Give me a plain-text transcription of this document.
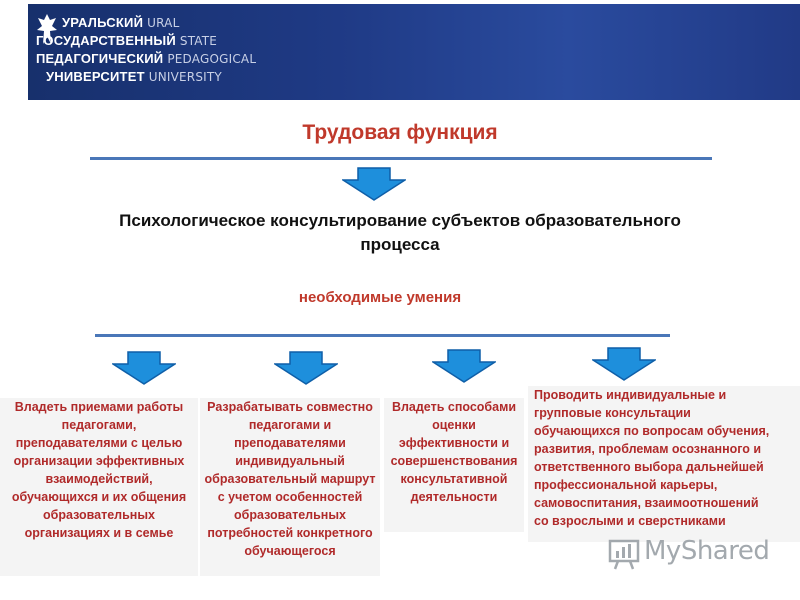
УРАЛЬСКИЙ URAL
ГОСУДАРСТВЕННЫЙ STATE
ПЕДАГОГИЧЕСКИЙ PEDAGOGICAL
УНИВЕРСИТЕТ UNIVERSITY
Трудовая функция
Психологическое консультирование субъектов образовательного
процесса
необходимые умения
Владеть приемами работы
педагогами,
преподавателями с целью
организации эффективных
взаимодействий,
обучающихся и их общения
образовательных
организациях и в семье
Разрабатывать совместно
педагогами и
преподавателями
индивидуальный
образовательный маршрут
с учетом особенностей
образовательных
потребностей конкретного
обучающегося
Владеть способами
оценки
эффективности и
совершенствования
консультативной
деятельности
Проводить индивидуальные и
групповые консультации
обучающихся по вопросам обучения,
развития, проблемам осознанного и
ответственного выбора дальнейшей
профессиональной карьеры,
самовоспитания, взаимоотношений
со взрослыми и сверстниками
MyShared
